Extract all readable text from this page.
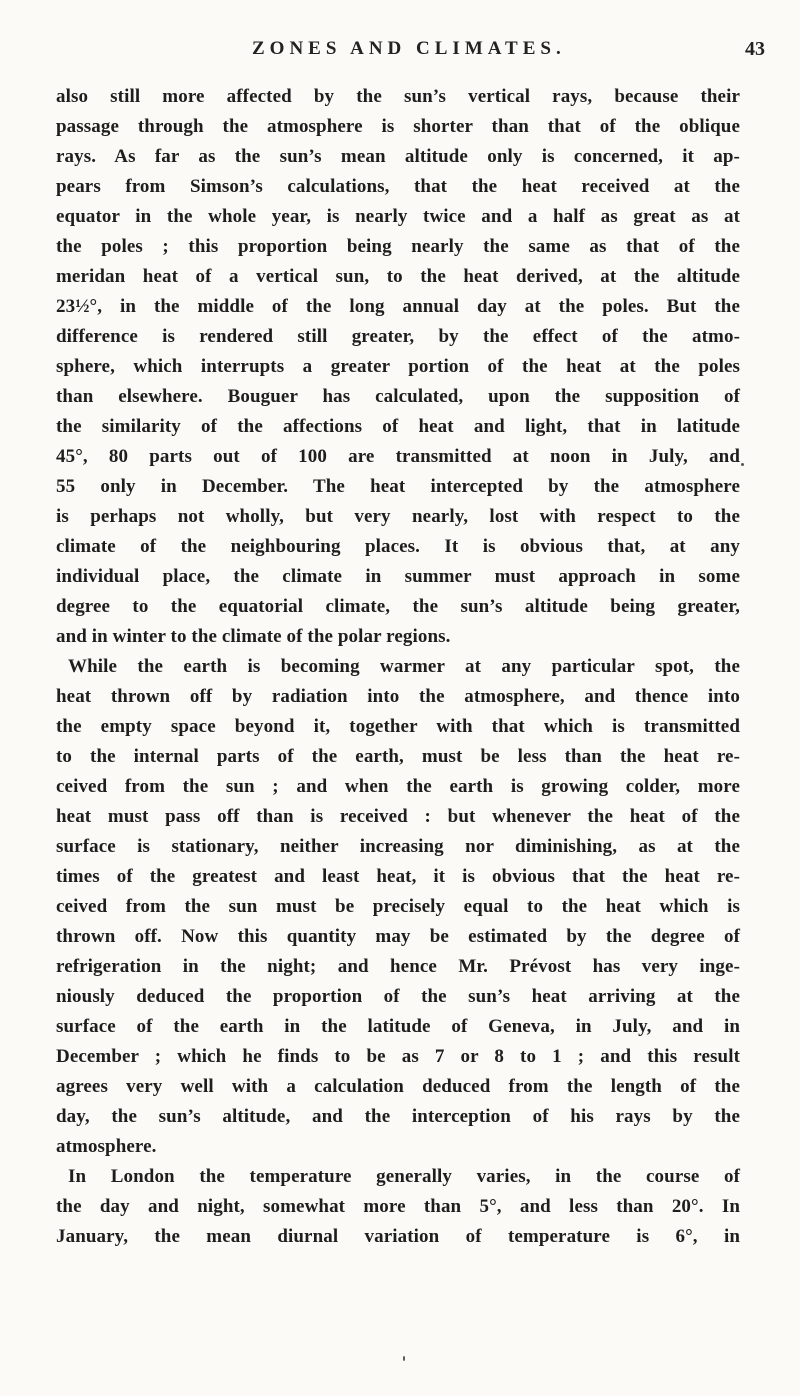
ZONES AND CLIMATES.	43
also still more affected by the sun’s vertical rays, because their
passage through the atmosphere is shorter than that of the oblique
rays. As far as the sun’s mean altitude only is concerned, it ap-
pears from Simson’s calculations, that the heat received at the
equator in the whole year, is nearly twice and a half as great as at
the poles ; this proportion being nearly the same as that of the
meridan heat of a vertical sun, to the heat derived, at the altitude
23½°, in the middle of the long annual day at the poles. But the
difference is rendered still greater, by the effect of the atmo-
sphere, which interrupts a greater portion of the heat at the poles
than elsewhere. Bouguer has calculated, upon the supposition of
the similarity of the affections of heat and light, that in latitude
45°, 80 parts out of 100 are transmitted at noon in July, and
55 only in December. The heat intercepted by the atmosphere
is perhaps not wholly, but very nearly, lost with respect to the
climate of the neighbouring places. It is obvious that, at any
individual place, the climate in summer must approach in some
degree to the equatorial climate, the sun’s altitude being greater,
and in winter to the climate of the polar regions.
While the earth is becoming warmer at any particular spot, the
heat thrown off by radiation into the atmosphere, and thence into
the empty space beyond it, together with that which is transmitted
to the internal parts of the earth, must be less than the heat re-
ceived from the sun ; and when the earth is growing colder, more
heat must pass off than is received : but whenever the heat of the
surface is stationary, neither increasing nor diminishing, as at the
times of the greatest and least heat, it is obvious that the heat re-
ceived from the sun must be precisely equal to the heat which is
thrown off. Now this quantity may be estimated by the degree of
refrigeration in the night; and hence Mr. Prévost has very inge-
niously deduced the proportion of the sun’s heat arriving at the
surface of the earth in the latitude of Geneva, in July, and in
December ; which he finds to be as 7 or 8 to 1 ; and this result
agrees very well with a calculation deduced from the length of the
day, the sun’s altitude, and the interception of his rays by the
atmosphere.
In London the temperature generally varies, in the course of
the day and night, somewhat more than 5°, and less than 20°. In
January, the mean diurnal variation of temperature is 6°, in
